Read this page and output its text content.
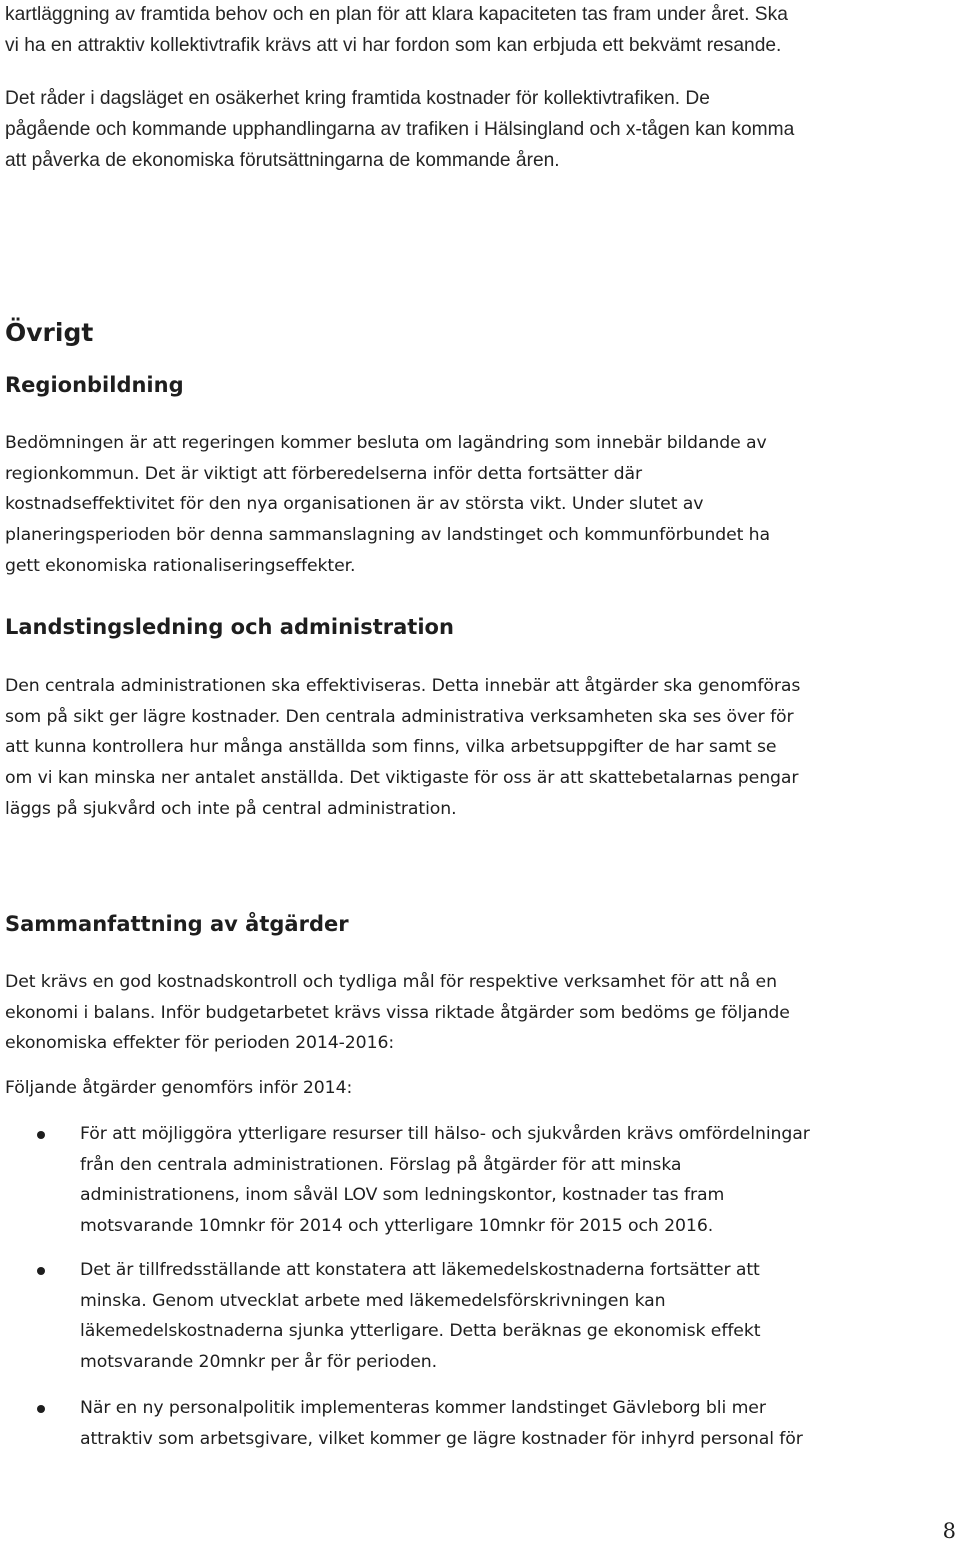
kartläggning av framtida behov och en plan för att klara kapaciteten tas fram under året. Ska
vi ha en attraktiv kollektivtrafik krävs att vi har fordon som kan erbjuda ett bekvämt resande.
Det råder i dagsläget en osäkerhet kring framtida kostnader för kollektivtrafiken. De
pågående och kommande upphandlingarna av trafiken i Hälsingland och x-tågen kan komma
att påverka de ekonomiska förutsättningarna de kommande åren.
Övrigt
Regionbildning
Bedömningen är att regeringen kommer besluta om lagändring som innebär bildande av
regionkommun. Det är viktigt att förberedelserna inför detta fortsätter där
kostnadseffektivitet för den nya organisationen är av största vikt. Under slutet av
planeringsperioden bör denna sammanslagning av landstinget och kommunförbundet ha
gett ekonomiska rationaliseringseffekter.
Landstingsledning och administration
Den centrala administrationen ska effektiviseras. Detta innebär att åtgärder ska genomföras
som på sikt ger lägre kostnader. Den centrala administrativa verksamheten ska ses över för
att kunna kontrollera hur många anställda som finns, vilka arbetsuppgifter de har samt se
om vi kan minska ner antalet anställda. Det viktigaste för oss är att skattebetalarnas pengar
läggs på sjukvård och inte på central administration.
Sammanfattning av åtgärder
Det krävs en god kostnadskontroll och tydliga mål för respektive verksamhet för att nå en
ekonomi i balans. Inför budgetarbetet krävs vissa riktade åtgärder som bedöms ge följande
ekonomiska effekter för perioden 2014-2016:
Följande åtgärder genomförs inför 2014:
För att möjliggöra ytterligare resurser till hälso- och sjukvården krävs omfördelningar
från den centrala administrationen. Förslag på åtgärder för att minska
administrationens, inom såväl LOV som ledningskontor, kostnader tas fram
motsvarande 10mnkr för 2014 och ytterligare 10mnkr för 2015 och 2016.
Det är tillfredsställande att konstatera att läkemedelskostnaderna fortsätter att
minska. Genom utvecklat arbete med läkemedelsförskrivningen kan
läkemedelskostnaderna sjunka ytterligare. Detta beräknas ge ekonomisk effekt
motsvarande 20mnkr per år för perioden.
När en ny personalpolitik implementeras kommer landstinget Gävleborg bli mer
attraktiv som arbetsgivare, vilket kommer ge lägre kostnader för inhyrd personal för
8
